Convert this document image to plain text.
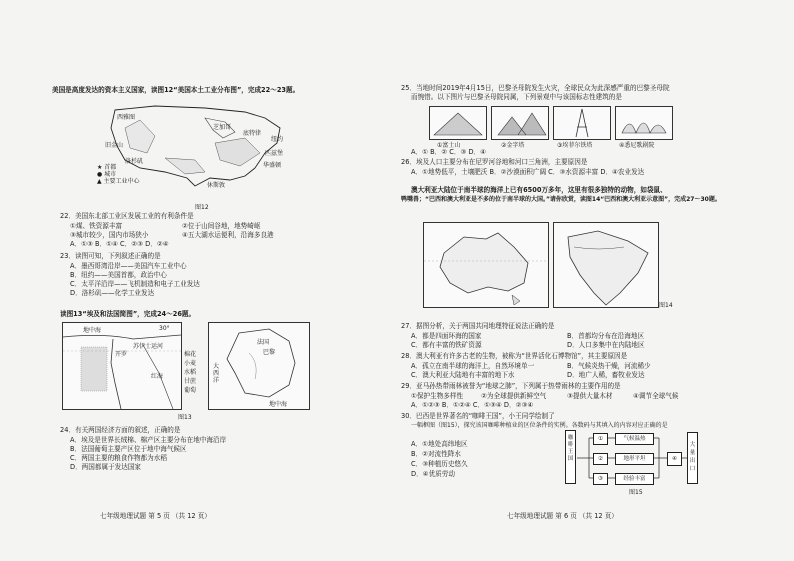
美国是高度发达的资本主义国家，读图12“美国本土工业分布图”，完成22～23题。
★ 首都
● 城市
▲ 主要工业中心
西雅图
芝加哥
底特律
纽约
洛杉矶
旧金山
休斯敦
匹兹堡
华盛顿
图12
22．美国东北部工业区发展工业的有利条件是
①煤、铁资源丰富	②位于山间谷地，地势崎岖
③城市较少，国内市场狭小	④五大湖水运便利，沿海多良港
A．①③ B．①④ C．②③ D．②④
23．读图可知，下列叙述正确的是
A．墨西哥湾沿岸——美国汽车工业中心
B．纽约——美国首都，政治中心
C．太平洋沿岸——飞机制造和电子工业发达
D．洛杉矶——化学工业发达
读图13“埃及和法国简图”，完成24～26题。
地中海
开罗
红海
苏伊士运河
30°
棉花
小麦
水稻
甘蔗
葡萄
法国
巴黎
大西洋
地中海
图13
24．有关两国经济方面的叙述，正确的是
A．埃及是世界长绒棉、棉产区主要分布在地中海沿岸
B．法国葡萄主要产区位于地中海气候区
C．两国主要的粮食作物都为水稻
D．两国都属于发达国家
七年级地理试题 第 5 页 （共 12 页）
25．当地时间2019年4月15日，巴黎圣母院发生火灾，全球民众为此深感严重的巴黎圣母院
而惋惜。以下图片与巴黎圣母院同属，下列景观中与该国标志性建筑的是
①富士山	②金字塔	③埃菲尔铁塔	④悉尼歌剧院
A．① B．② C．③ D．④
26．埃及人口主要分布在尼罗河谷地和河口三角洲，主要原因是
A．①地势低平，土壤肥沃 B．②沙漠面积广阔 C．③水资源丰富 D．④农业发达
澳大利亚大陆位于南半球的海洋上已有6500万多年，这里有很多独特的动物，如袋鼠、
鸭嘴兽；“巴西和澳大利亚是不多的位于南半球的大国。”请你欣赏，读图14“巴西和澳大利亚示意图”，完成27～30题。
图14
27．据图分析，关于两国共同地理特征说法正确的是
A．都是四面环海的国家	B．首都均分布在沿海地区
C．都有丰富的铁矿资源	D．人口多集中在内陆地区
28．澳大利亚有许多古老的生物，被称为“世界活化石博物馆”，其主要原因是
A．孤立在南半球的海洋上，自然环境单一	B．气候炎热干燥，河流稀少
C．澳大利亚大陆地有丰富的地下水	D．地广人稀，畜牧业发达
29．亚马孙热带雨林被誉为“地球之肺”，下列属于热带雨林的主要作用的是
①保护生物多样性	②为全球提供新鲜空气	③提供大量木材	④调节全球气候
A．①②③ B．①②④ C．①③④ D．②③④
30．巴西是世界著名的“咖啡王国”，小王同学绘制了
一幅框图（图15），探究该国咖啡种植业的区位条件的实例。各数码与其填入的内容对应正确的是
A．①地处高纬地区
B．②对流性降水
C．③种植历史悠久
D．④优质劳动
咖啡王国
①
②
③
气候温热
地形平坦
经验丰富
④
大量出口
图15
七年级地理试题 第 6 页 （共 12 页）
